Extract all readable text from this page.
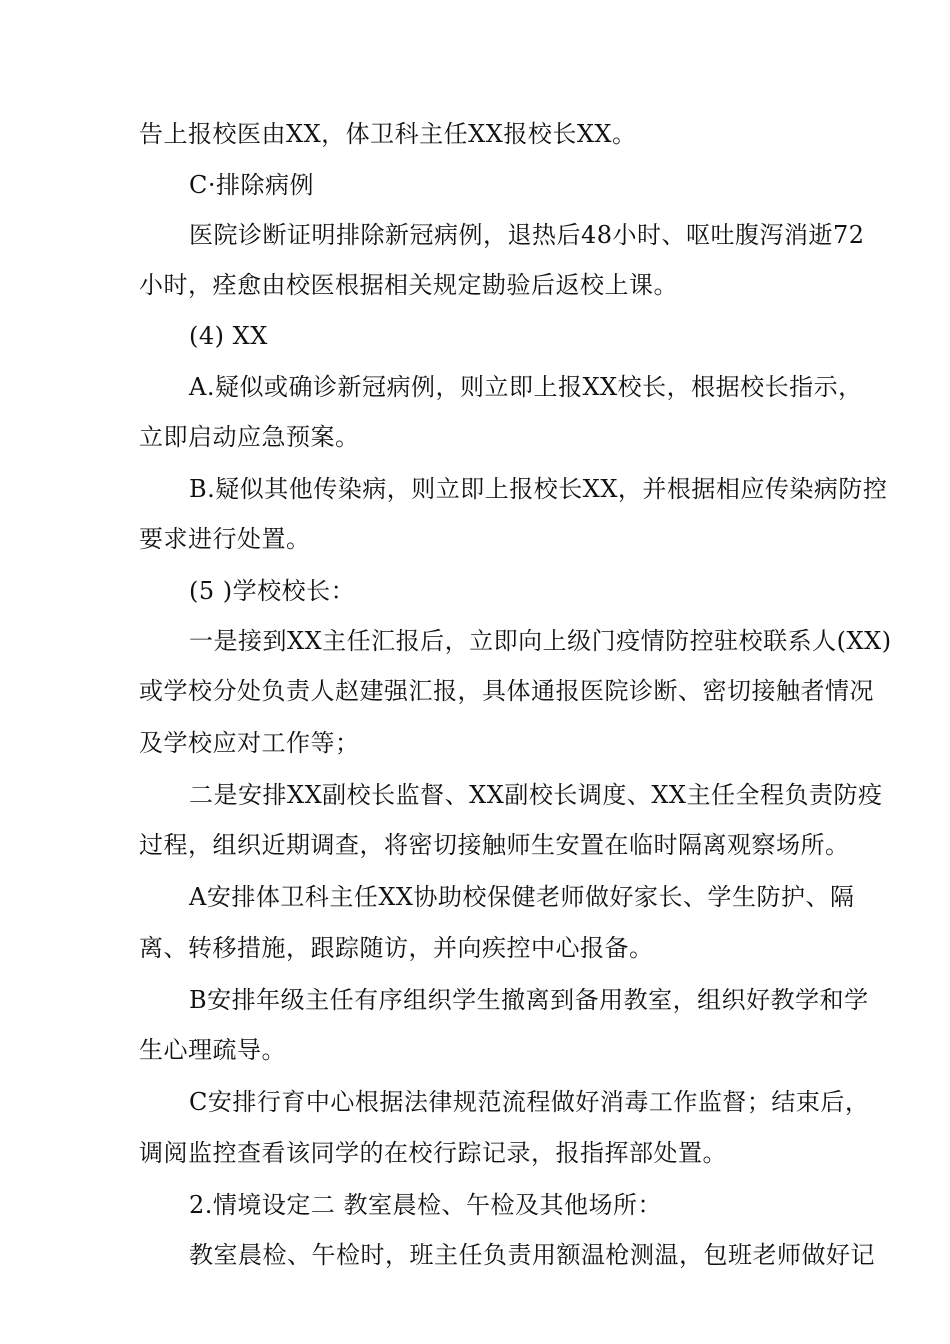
告上报校医由XX，体卫科主任XX报校长XX。
C·排除病例
医院诊断证明排除新冠病例，退热后48小时、呕吐腹泻消逝72
小时，痊愈由校医根据相关规定勘验后返校上课。
(4) XX
A.疑似或确诊新冠病例，则立即上报XX校长，根据校长指示，
立即启动应急预案。
B.疑似其他传染病，则立即上报校长XX，并根据相应传染病防控
要求进行处置。
(5 )学校校长：
一是接到XX主任汇报后，立即向上级门疫情防控驻校联系人(XX)
或学校分处负责人赵建强汇报，具体通报医院诊断、密切接触者情况
及学校应对工作等；
二是安排XX副校长监督、XX副校长调度、XX主任全程负责防疫
过程，组织近期调查，将密切接触师生安置在临时隔离观察场所。
A安排体卫科主任XX协助校保健老师做好家长、学生防护、隔
离、转移措施，跟踪随访，并向疾控中心报备。
B安排年级主任有序组织学生撤离到备用教室，组织好教学和学
生心理疏导。
C安排行育中心根据法律规范流程做好消毒工作监督；结束后，
调阅监控查看该同学的在校行踪记录，报指挥部处置。
2.情境设定二 教室晨检、午检及其他场所：
教室晨检、午检时，班主任负责用额温枪测温，包班老师做好记
